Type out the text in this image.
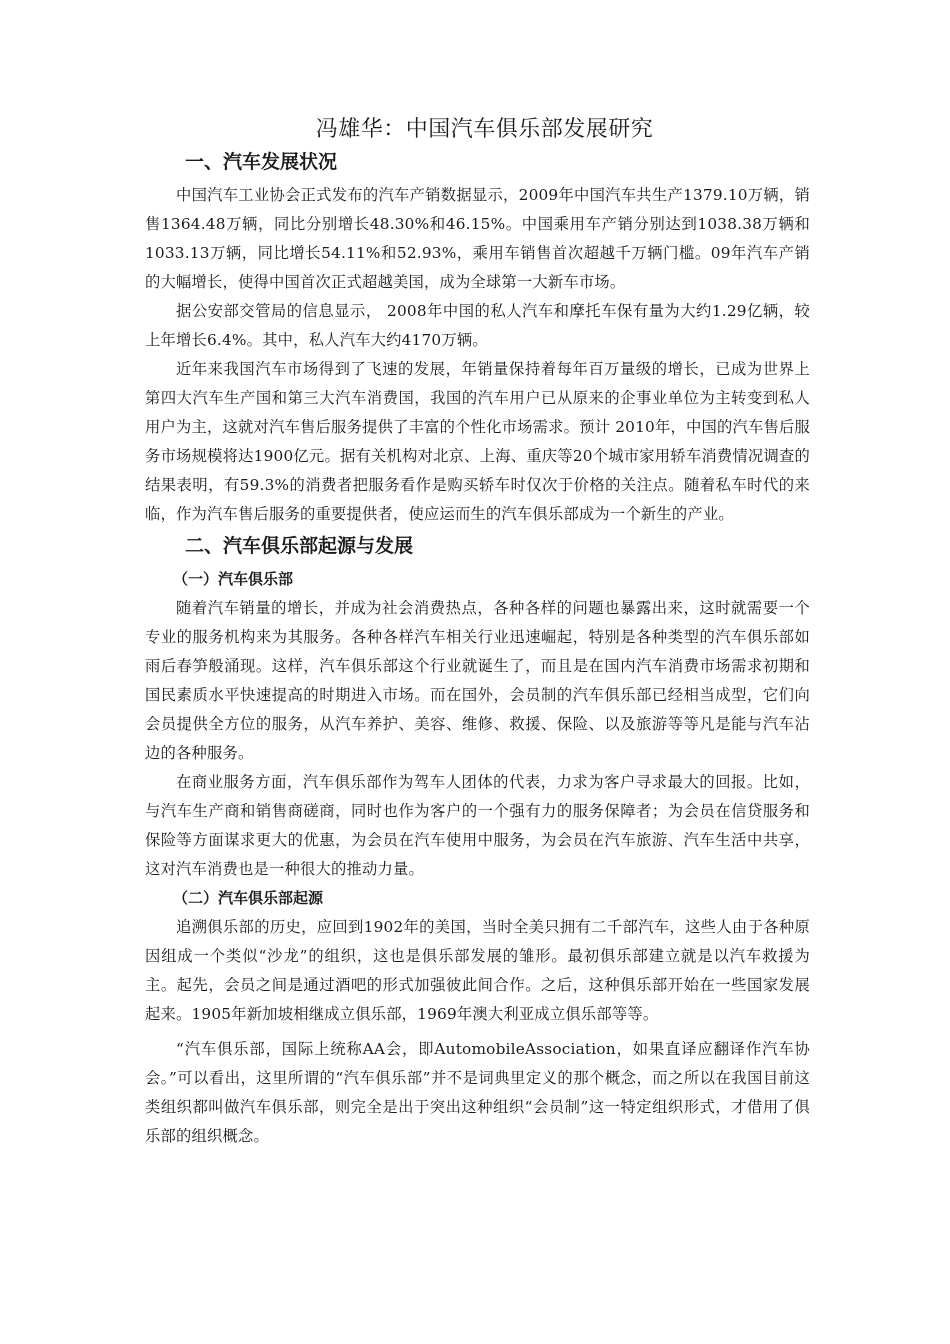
冯雄华：中国汽车俱乐部发展研究
一、汽车发展状况

中国汽车工业协会正式发布的汽车产销数据显示，2009年中国汽车共生产1379.10万辆，销售1364.48万辆，同比分别增长48.30%和46.15%。中国乘用车产销分别达到1038.38万辆和1033.13万辆，同比增长54.11%和52.93%，乘用车销售首次超越千万辆门槛。09年汽车产销的大幅增长，使得中国首次正式超越美国，成为全球第一大新车市场。

据公安部交管局的信息显示， 2008年中国的私人汽车和摩托车保有量为大约1.29亿辆，较上年增长6.4%。其中，私人汽车大约4170万辆。

近年来我国汽车市场得到了飞速的发展，年销量保持着每年百万量级的增长，已成为世界上第四大汽车生产国和第三大汽车消费国，我国的汽车用户已从原来的企事业单位为主转变到私人用户为主，这就对汽车售后服务提供了丰富的个性化市场需求。预计 2010年，中国的汽车售后服务市场规模将达1900亿元。据有关机构对北京、上海、重庆等20个城市家用轿车消费情况调查的结果表明，有59.3%的消费者把服务看作是购买轿车时仅次于价格的关注点。随着私车时代的来临，作为汽车售后服务的重要提供者，使应运而生的汽车俱乐部成为一个新生的产业。

二、汽车俱乐部起源与发展
（一）汽车俱乐部

随着汽车销量的增长，并成为社会消费热点，各种各样的问题也暴露出来，这时就需要一个专业的服务机构来为其服务。各种各样汽车相关行业迅速崛起，特别是各种类型的汽车俱乐部如雨后春笋般涌现。这样，汽车俱乐部这个行业就诞生了，而且是在国内汽车消费市场需求初期和国民素质水平快速提高的时期进入市场。而在国外，会员制的汽车俱乐部已经相当成型，它们向会员提供全方位的服务，从汽车养护、美容、维修、救援、保险、以及旅游等等凡是能与汽车沾边的各种服务。

在商业服务方面，汽车俱乐部作为驾车人团体的代表，力求为客户寻求最大的回报。比如，与汽车生产商和销售商磋商，同时也作为客户的一个强有力的服务保障者；为会员在信贷服务和保险等方面谋求更大的优惠，为会员在汽车使用中服务，为会员在汽车旅游、汽车生活中共享，这对汽车消费也是一种很大的推动力量。

（二）汽车俱乐部起源

追溯俱乐部的历史，应回到1902年的美国，当时全美只拥有二千部汽车，这些人由于各种原因组成一个类似“沙龙”的组织，这也是俱乐部发展的雏形。最初俱乐部建立就是以汽车救援为主。起先，会员之间是通过酒吧的形式加强彼此间合作。之后，这种俱乐部开始在一些国家发展起来。1905年新加坡相继成立俱乐部，1969年澳大利亚成立俱乐部等等。

“汽车俱乐部，国际上统称AA会，即AutomobileAssociation，如果直译应翻译作汽车协会。”可以看出，这里所谓的“汽车俱乐部”并不是词典里定义的那个概念，而之所以在我国目前这类组织都叫做汽车俱乐部，则完全是出于突出这种组织“会员制”这一特定组织形式，才借用了俱乐部的组织概念。
